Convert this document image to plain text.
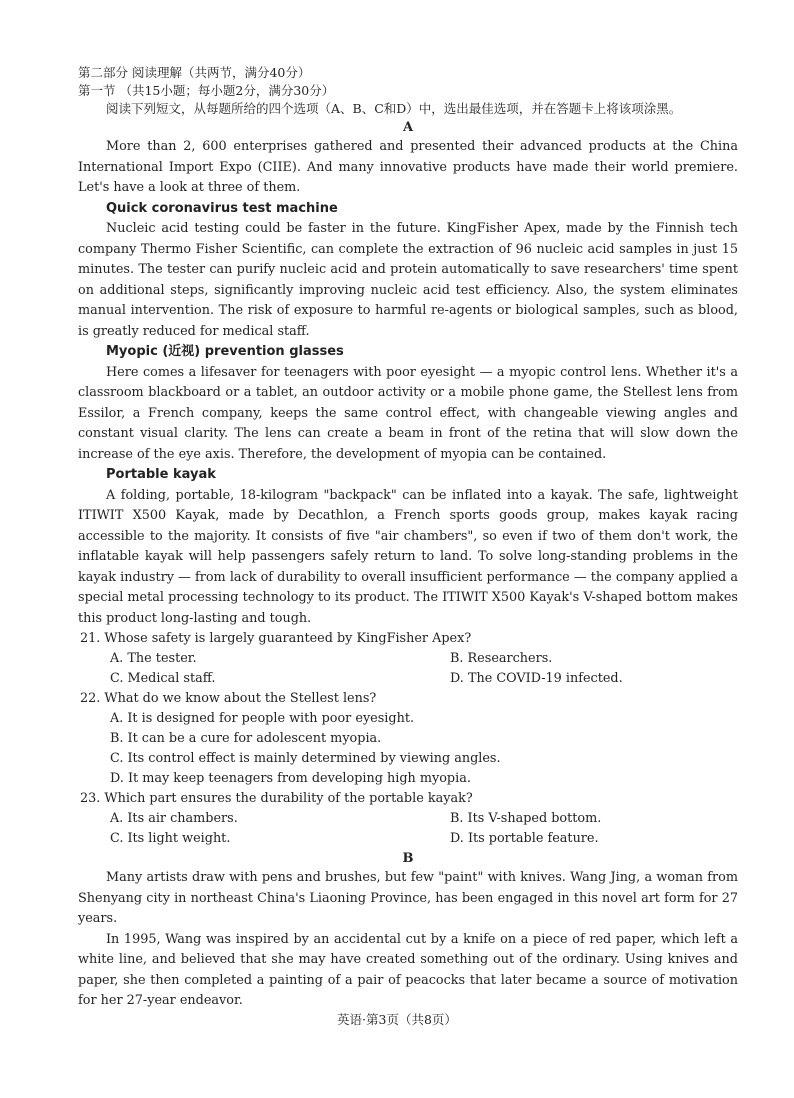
第二部分 阅读理解（共两节，满分40分）
第一节 （共15小题；每小题2分，满分30分）
阅读下列短文，从每题所给的四个选项（A、B、C和D）中，选出最佳选项，并在答题卡上将该项涂黑。

A

More than 2, 600 enterprises gathered and presented their advanced products at the China International Import Expo (CIIE). And many innovative products have made their world premiere. Let's have a look at three of them.

Quick coronavirus test machine

Nucleic acid testing could be faster in the future. KingFisher Apex, made by the Finnish tech company Thermo Fisher Scientific, can complete the extraction of 96 nucleic acid samples in just 15 minutes. The tester can purify nucleic acid and protein automatically to save researchers' time spent on additional steps, significantly improving nucleic acid test efficiency. Also, the system eliminates manual intervention. The risk of exposure to harmful re-agents or biological samples, such as blood, is greatly reduced for medical staff.

Myopic (近视) prevention glasses

Here comes a lifesaver for teenagers with poor eyesight — a myopic control lens. Whether it's a classroom blackboard or a tablet, an outdoor activity or a mobile phone game, the Stellest lens from Essilor, a French company, keeps the same control effect, with changeable viewing angles and constant visual clarity. The lens can create a beam in front of the retina that will slow down the increase of the eye axis. Therefore, the development of myopia can be contained.

Portable kayak

A folding, portable, 18-kilogram "backpack" can be inflated into a kayak. The safe, lightweight ITIWIT X500 Kayak, made by Decathlon, a French sports goods group, makes kayak racing accessible to the majority. It consists of five "air chambers", so even if two of them don't work, the inflatable kayak will help passengers safely return to land. To solve long-standing problems in the kayak industry — from lack of durability to overall insufficient performance — the company applied a special metal processing technology to its product. The ITIWIT X500 Kayak's V-shaped bottom makes this product long-lasting and tough.

21. Whose safety is largely guaranteed by KingFisher Apex?

A. The tester.	B. Researchers.
C. Medical staff.	D. The COVID-19 infected.

22. What do we know about the Stellest lens?

A. It is designed for people with poor eyesight.
B. It can be a cure for adolescent myopia.
C. Its control effect is mainly determined by viewing angles.
D. It may keep teenagers from developing high myopia.

23. Which part ensures the durability of the portable kayak?

A. Its air chambers.	B. Its V-shaped bottom.
C. Its light weight.	D. Its portable feature.

B

Many artists draw with pens and brushes, but few "paint" with knives. Wang Jing, a woman from Shenyang city in northeast China's Liaoning Province, has been engaged in this novel art form for 27 years.

In 1995, Wang was inspired by an accidental cut by a knife on a piece of red paper, which left a white line, and believed that she may have created something out of the ordinary. Using knives and paper, she then completed a painting of a pair of peacocks that later became a source of motivation for her 27-year endeavor.

英语·第3页（共8页）
